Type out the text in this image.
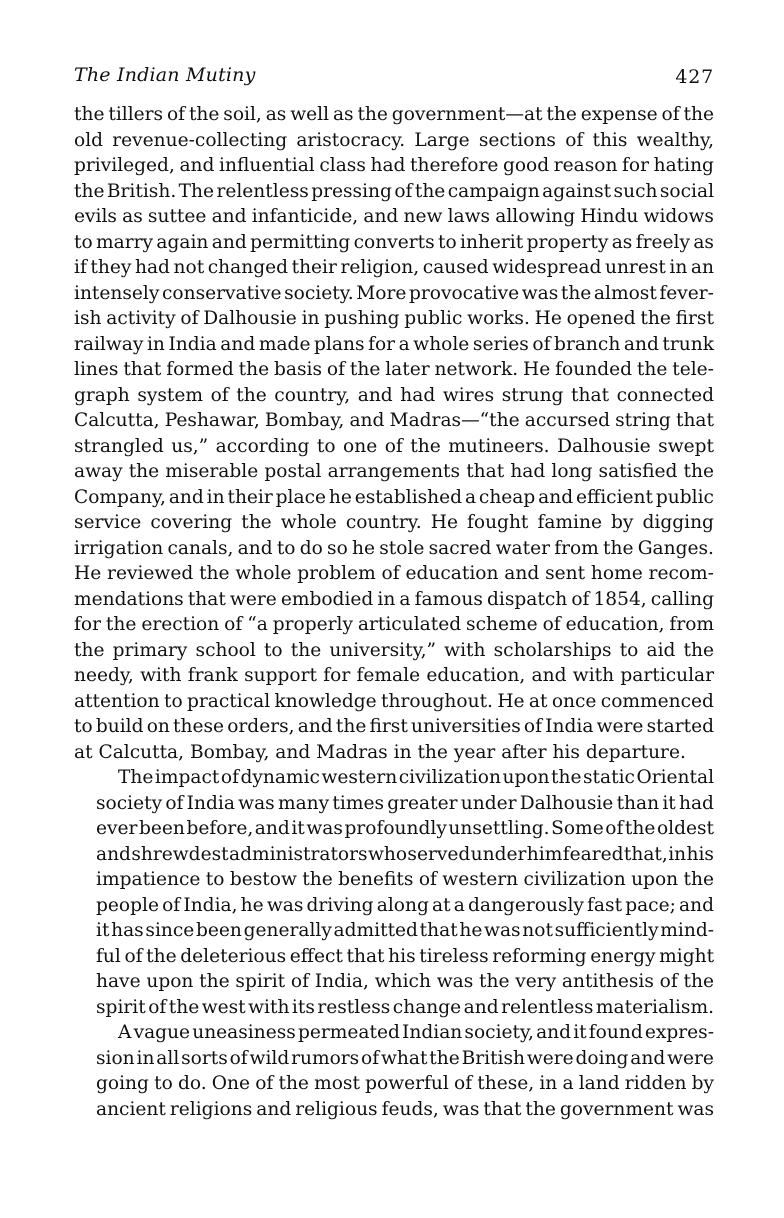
The Indian Mutiny	427

the tillers of the soil, as well as the government—at the expense of the
old revenue-collecting aristocracy. Large sections of this wealthy,
privileged, and influential class had therefore good reason for hating
the British. The relentless pressing of the campaign against such social
evils as suttee and infanticide, and new laws allowing Hindu widows
to marry again and permitting converts to inherit property as freely as
if they had not changed their religion, caused widespread unrest in an
intensely conservative society. More provocative was the almost fever-
ish activity of Dalhousie in pushing public works. He opened the first
railway in India and made plans for a whole series of branch and trunk
lines that formed the basis of the later network. He founded the tele-
graph system of the country, and had wires strung that connected
Calcutta, Peshawar, Bombay, and Madras—“the accursed string that
strangled us,” according to one of the mutineers. Dalhousie swept
away the miserable postal arrangements that had long satisfied the
Company, and in their place he established a cheap and efficient public
service covering the whole country. He fought famine by digging
irrigation canals, and to do so he stole sacred water from the Ganges.
He reviewed the whole problem of education and sent home recom-
mendations that were embodied in a famous dispatch of 1854, calling
for the erection of “a properly articulated scheme of education, from
the primary school to the university,” with scholarships to aid the
needy, with frank support for female education, and with particular
attention to practical knowledge throughout. He at once commenced
to build on these orders, and the first universities of India were started
at Calcutta, Bombay, and Madras in the year after his departure.

The impact of dynamic western civilization upon the static Oriental
society of India was many times greater under Dalhousie than it had
ever been before, and it was profoundly unsettling. Some of the oldest
and shrewdest administrators who served under him feared that, in his
impatience to bestow the benefits of western civilization upon the
people of India, he was driving along at a dangerously fast pace; and
it has since been generally admitted that he was not sufficiently mind-
ful of the deleterious effect that his tireless reforming energy might
have upon the spirit of India, which was the very antithesis of the
spirit of the west with its restless change and relentless materialism.

A vague uneasiness permeated Indian society, and it found expres-
sion in all sorts of wild rumors of what the British were doing and were
going to do. One of the most powerful of these, in a land ridden by
ancient religions and religious feuds, was that the government was
